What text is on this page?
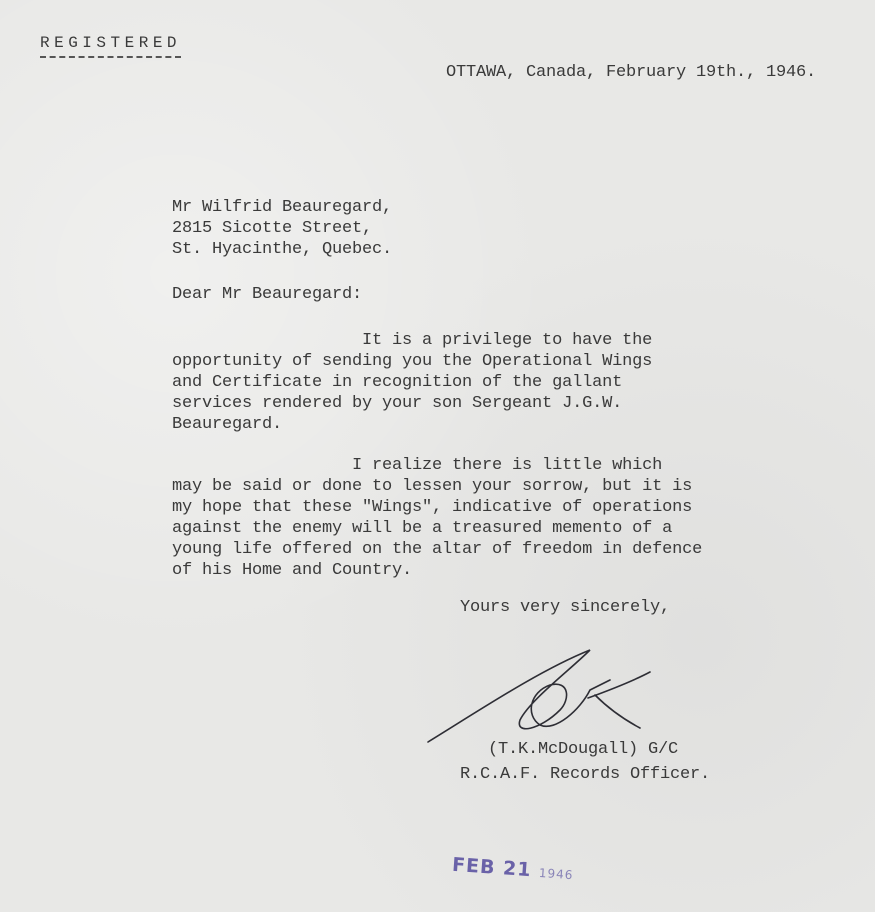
REGISTERED
OTTAWA, Canada, February 19th., 1946.
Mr Wilfrid Beauregard,
2815 Sicotte Street,
St. Hyacinthe, Quebec.
Dear Mr Beauregard:
It is a privilege to have the
opportunity of sending you the Operational Wings
and Certificate in recognition of the gallant
services rendered by your son Sergeant J.G.W.
Beauregard.
I realize there is little which
may be said or done to lessen your sorrow, but it is
my hope that these "Wings", indicative of operations
against the enemy will be a treasured memento of a
young life offered on the altar of freedom in defence
of his Home and Country.
Yours very sincerely,
(T.K.McDougall) G/C
R.C.A.F. Records Officer.
FEB 21 1946
